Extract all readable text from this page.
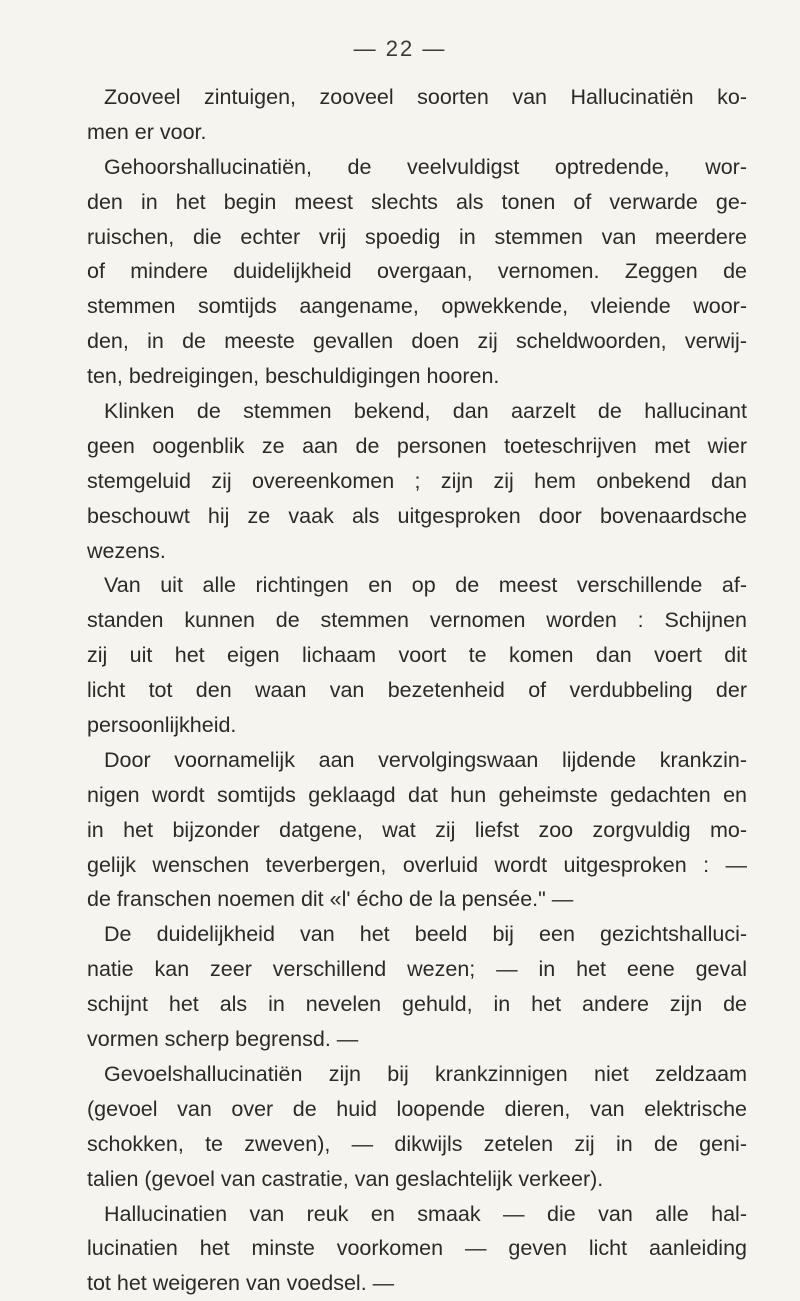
— 22 —
Zooveel zintuigen, zooveel soorten van Hallucinatiën ko-
men er voor.
Gehoorshallucinatiën, de veelvuldigst optredende, wor-
den in het begin meest slechts als tonen of verwarde ge-
ruischen, die echter vrij spoedig in stemmen van meerdere
of mindere duidelijkheid overgaan, vernomen. Zeggen de
stemmen somtijds aangename, opwekkende, vleiende woor-
den, in de meeste gevallen doen zij scheldwoorden, verwij-
ten, bedreigingen, beschuldigingen hooren.
Klinken de stemmen bekend, dan aarzelt de hallucinant
geen oogenblik ze aan de personen toeteschrijven met wier
stemgeluid zij overeenkomen ; zijn zij hem onbekend dan
beschouwt hij ze vaak als uitgesproken door bovenaardsche
wezens.
Van uit alle richtingen en op de meest verschillende af-
standen kunnen de stemmen vernomen worden : Schijnen
zij uit het eigen lichaam voort te komen dan voert dit
licht tot den waan van bezetenheid of verdubbeling der
persoonlijkheid.
Door voornamelijk aan vervolgingswaan lijdende krankzin-
nigen wordt somtijds geklaagd dat hun geheimste gedachten en
in het bijzonder datgene, wat zij liefst zoo zorgvuldig mo-
gelijk wenschen teverbergen, overluid wordt uitgesproken : —
de franschen noemen dit «l' écho de la pensée." —
De duidelijkheid van het beeld bij een gezichtshalluci-
natie kan zeer verschillend wezen; — in het eene geval
schijnt het als in nevelen gehuld, in het andere zijn de
vormen scherp begrensd. —
Gevoelshallucinatiën zijn bij krankzinnigen niet zeldzaam
(gevoel van over de huid loopende dieren, van elektrische
schokken, te zweven), — dikwijls zetelen zij in de geni-
talien (gevoel van castratie, van geslachtelijk verkeer).
Hallucinatien van reuk en smaak — die van alle hal-
lucinatien het minste voorkomen — geven licht aanleiding
tot het weigeren van voedsel. —
